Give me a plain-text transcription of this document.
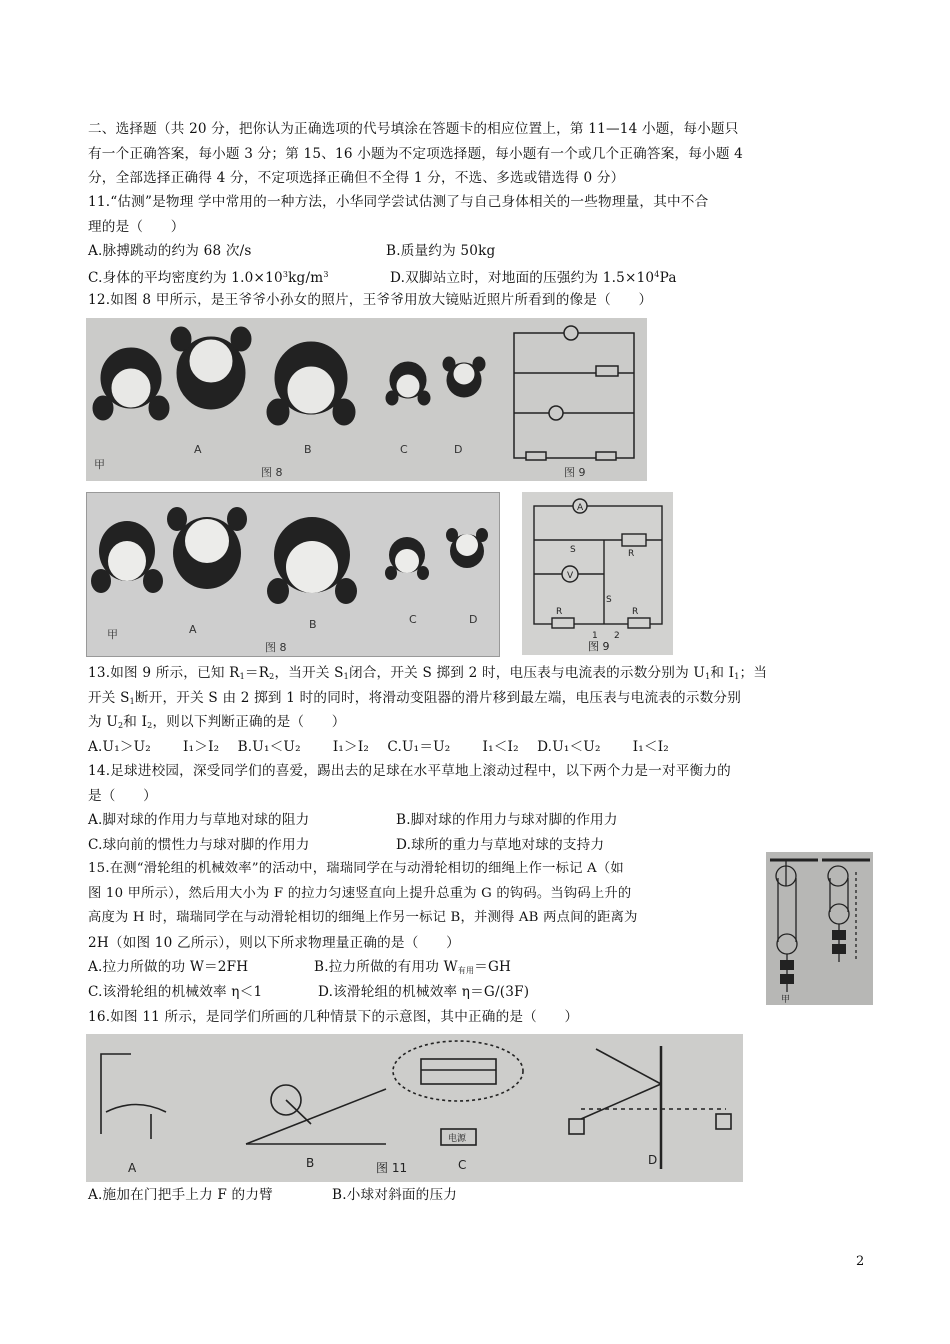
二、选择题（共 20 分，把你认为正确选项的代号填涂在答题卡的相应位置上，第 11—14 小题，每小题只
有一个正确答案，每小题 3 分；第 15、16 小题为不定项选择题，每小题有一个或几个正确答案，每小题 4
分，全部选择正确得 4 分，不定项选择正确但不全得 1 分，不选、多选或错选得 0 分）
11.“估测”是物理 学中常用的一种方法，小华同学尝试估测了与自己身体相关的一些物理量，其中不合
理的是（　　）
A.脉搏跳动的约为 68 次/s	B.质量约为 50kg
C.身体的平均密度约为 $1.0\times 10^3kg/m^3$	D.双脚站立时，对地面的压强约为 $1.5\times 10^4Pa$
12.如图 8 甲所示，是王爷爷小孙女的照片，王爷爷用放大镜贴近照片所看到的像是（　　）
甲
A	B	C	D
图 8	图 9
甲	A	B	C	D
图 8
A
V
S
S
R
R	R
1 2
图 9
13.如图 9 所示，已知 $R_1=R_2$，当开关 $S_1$闭合，开关 S 掷到 2 时，电压表与电流表的示数分别为 $U_1$和 $I_1$；当
开关 $S_1$断开，开关 S 由 2 掷到 1 时的同时，将滑动变阻器的滑片移到最左端，电压表与电流表的示数分别
为 $U_2$和 $I_2$，则以下判断正确的是（　　）
A.U₁＞U₂　　 I₁＞I₂　 B.U₁＜U₂　　 I₁＞I₂　 C.U₁＝U₂　　 I₁＜I₂　 D.U₁＜U₂　　 I₁＜I₂
14.足球进校园，深受同学们的喜爱，踢出去的足球在水平草地上滚动过程中，以下两个力是一对平衡力的
是（　　）
A.脚对球的作用力与草地对球的阻力	B.脚对球的作用力与球对脚的作用力
C.球向前的惯性力与球对脚的作用力	D.球所的重力与草地对球的支持力
15.在测“滑轮组的机械效率”的活动中，瑞瑞同学在与动滑轮相切的细绳上作一标记 A（如
图 10 甲所示），然后用大小为 F 的拉力匀速竖直向上提升总重为 G 的钩码。当钩码上升的
高度为 H 时，瑞瑞同学在与动滑轮相切的细绳上作另一标记 B，并测得 AB 两点间的距离为
2H（如图 10 乙所示），则以下所求物理量正确的是（　　）
A.拉力所做的功 W＝2FH	B.拉力所做的有用功 $W_{有用}=GH$
C.该滑轮组的机械效率 η＜1	D.该滑轮组的机械效率 η＝G/(3F)	甲
16.如图 11 所示，是同学们所画的几种情景下的示意图，其中正确的是（　　）
A	B	C	D
图 11
电源
A.施加在门把手上力 F 的力臂	B.小球对斜面的压力
2
